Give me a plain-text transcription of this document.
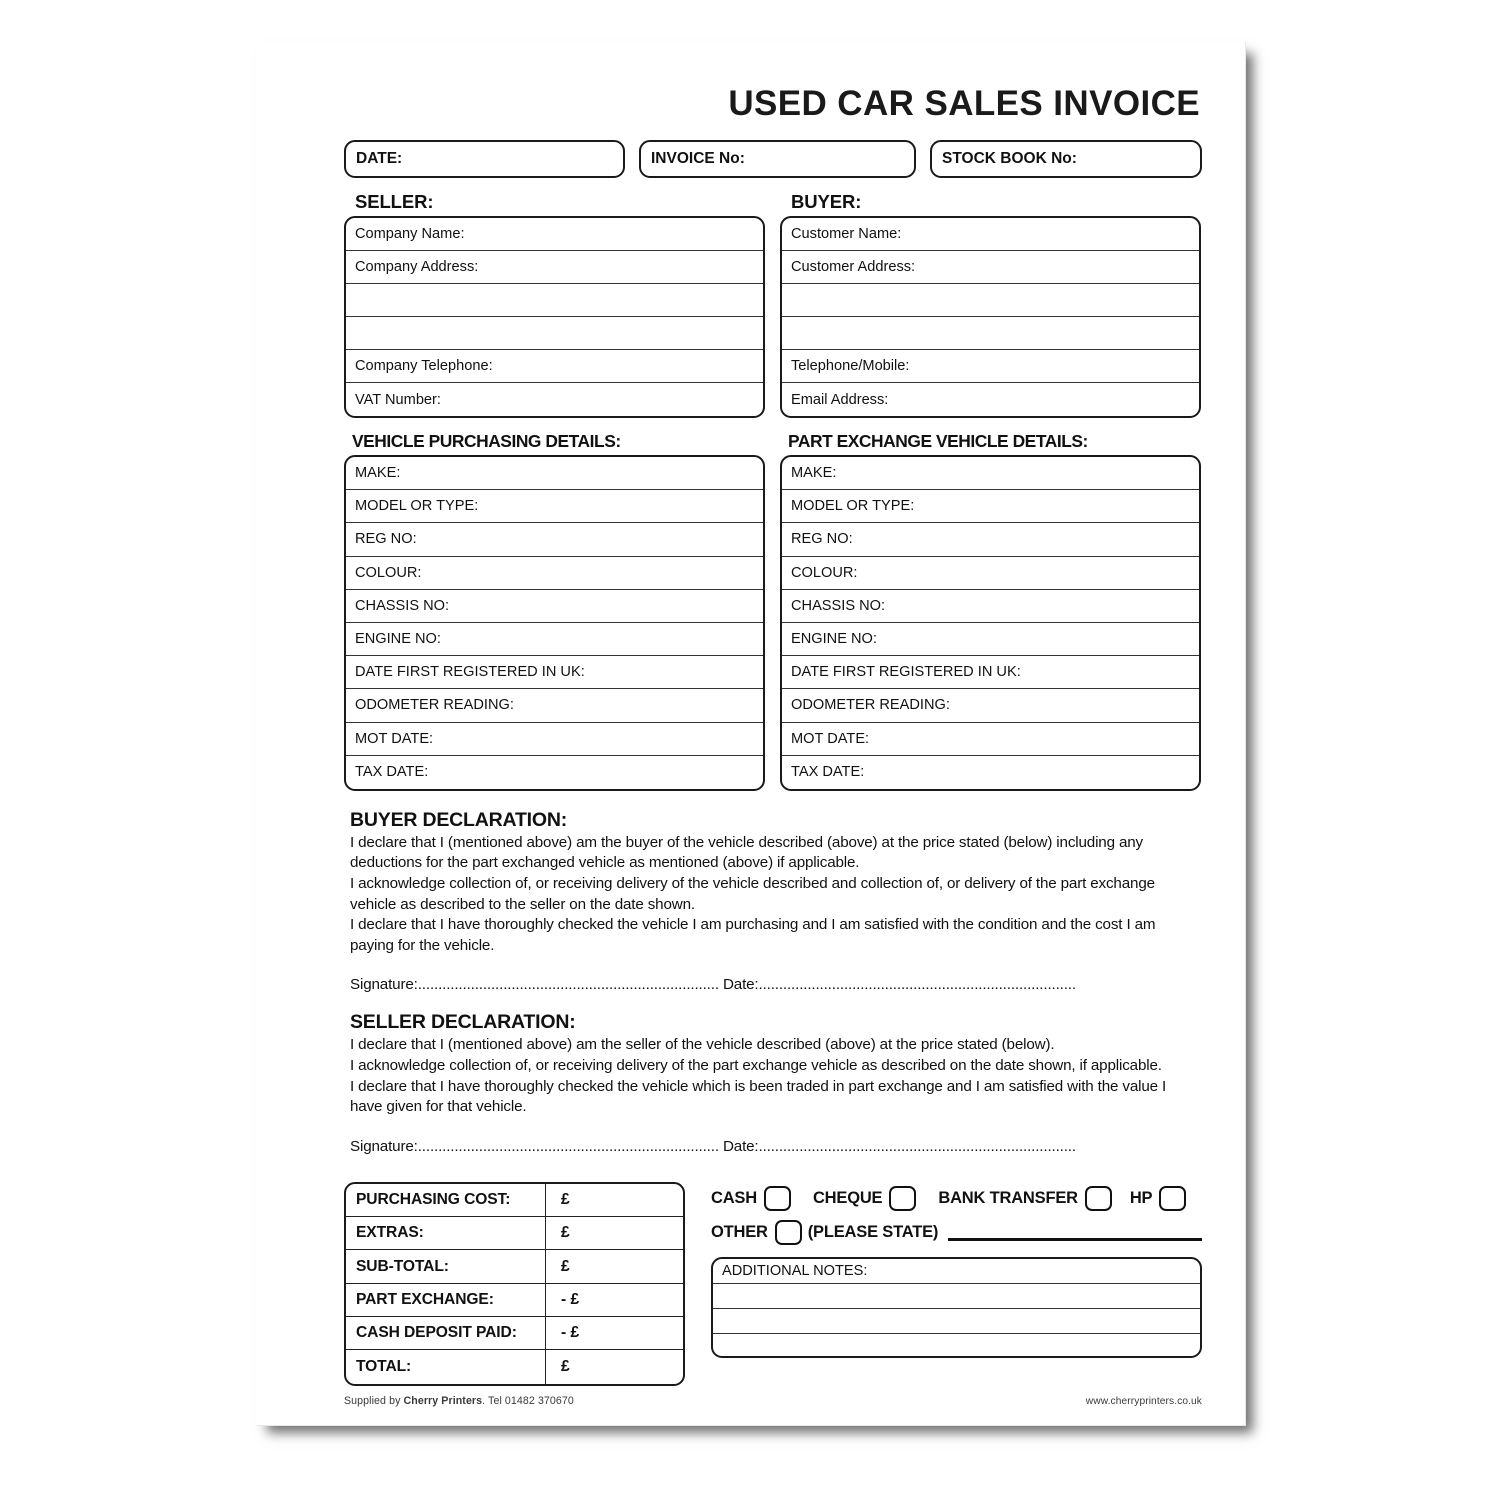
USED CAR SALES INVOICE
DATE:	INVOICE No:	STOCK BOOK No:
SELLER:
Company Name:
Company Address:
Company Telephone:
VAT Number:
BUYER:
Customer Name:
Customer Address:
Telephone/Mobile:
Email Address:
VEHICLE PURCHASING DETAILS:
MAKE:
MODEL OR TYPE:
REG NO:
COLOUR:
CHASSIS NO:
ENGINE NO:
DATE FIRST REGISTERED IN UK:
ODOMETER READING:
MOT DATE:
TAX DATE:
PART EXCHANGE VEHICLE DETAILS:
MAKE:
MODEL OR TYPE:
REG NO:
COLOUR:
CHASSIS NO:
ENGINE NO:
DATE FIRST REGISTERED IN UK:
ODOMETER READING:
MOT DATE:
TAX DATE:
BUYER DECLARATION:
I declare that I (mentioned above) am the buyer of the vehicle described (above) at the price stated (below) including any deductions for the part exchanged vehicle as mentioned (above) if applicable.
I acknowledge collection of, or receiving delivery of the vehicle described and collection of, or delivery of the part exchange vehicle as described to the seller on the date shown.
I declare that I have thoroughly checked the vehicle I am purchasing and I am satisfied with the condition and the cost I am paying for the vehicle.
Signature:.......................................................................... Date:..............................................................................
SELLER DECLARATION:
I declare that I (mentioned above) am the seller of the vehicle described (above) at the price stated (below).
I acknowledge collection of, or receiving delivery of the part exchange vehicle as described on the date shown, if applicable.
I declare that I have thoroughly checked the vehicle which is been traded in part exchange and I am satisfied with the value I have given for that vehicle.
Signature:.......................................................................... Date:..............................................................................
PURCHASING COST:	£
EXTRAS:	£
SUB-TOTAL:	£
PART EXCHANGE:	- £
CASH DEPOSIT PAID:	- £
TOTAL:	£
CASH	CHEQUE	BANK TRANSFER	HP
OTHER (PLEASE STATE)
ADDITIONAL NOTES:
Supplied by Cherry Printers. Tel 01482 370670	www.cherryprinters.co.uk
